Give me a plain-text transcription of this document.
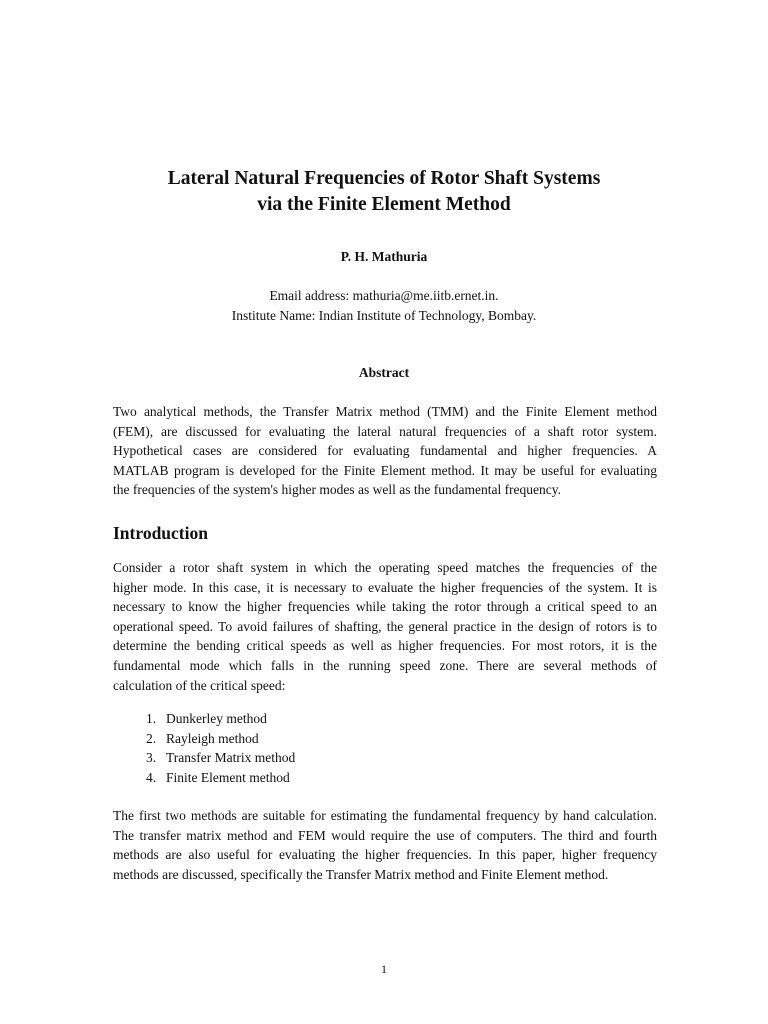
Lateral Natural Frequencies of Rotor Shaft Systems
via the Finite Element Method
P. H. Mathuria
Email address: mathuria@me.iitb.ernet.in.
Institute Name: Indian Institute of Technology, Bombay.
Abstract

Two analytical methods, the Transfer Matrix method (TMM) and the Finite Element method
(FEM), are discussed for evaluating the lateral natural frequencies of a shaft rotor system.
Hypothetical cases are considered for evaluating fundamental and higher frequencies. A
MATLAB program is developed for the Finite Element method. It may be useful for evaluating
the frequencies of the system's higher modes as well as the fundamental frequency.

Introduction

Consider a rotor shaft system in which the operating speed matches the frequencies of the
higher mode. In this case, it is necessary to evaluate the higher frequencies of the system. It is
necessary to know the higher frequencies while taking the rotor through a critical speed to an
operational speed. To avoid failures of shafting, the general practice in the design of rotors is to
determine the bending critical speeds as well as higher frequencies. For most rotors, it is the
fundamental mode which falls in the running speed zone. There are several methods of
calculation of the critical speed:

1. Dunkerley method
2. Rayleigh method
3. Transfer Matrix method
4. Finite Element method

The first two methods are suitable for estimating the fundamental frequency by hand calculation.
The transfer matrix method and FEM would require the use of computers. The third and fourth
methods are also useful for evaluating the higher frequencies. In this paper, higher frequency
methods are discussed, specifically the Transfer Matrix method and Finite Element method.

1
